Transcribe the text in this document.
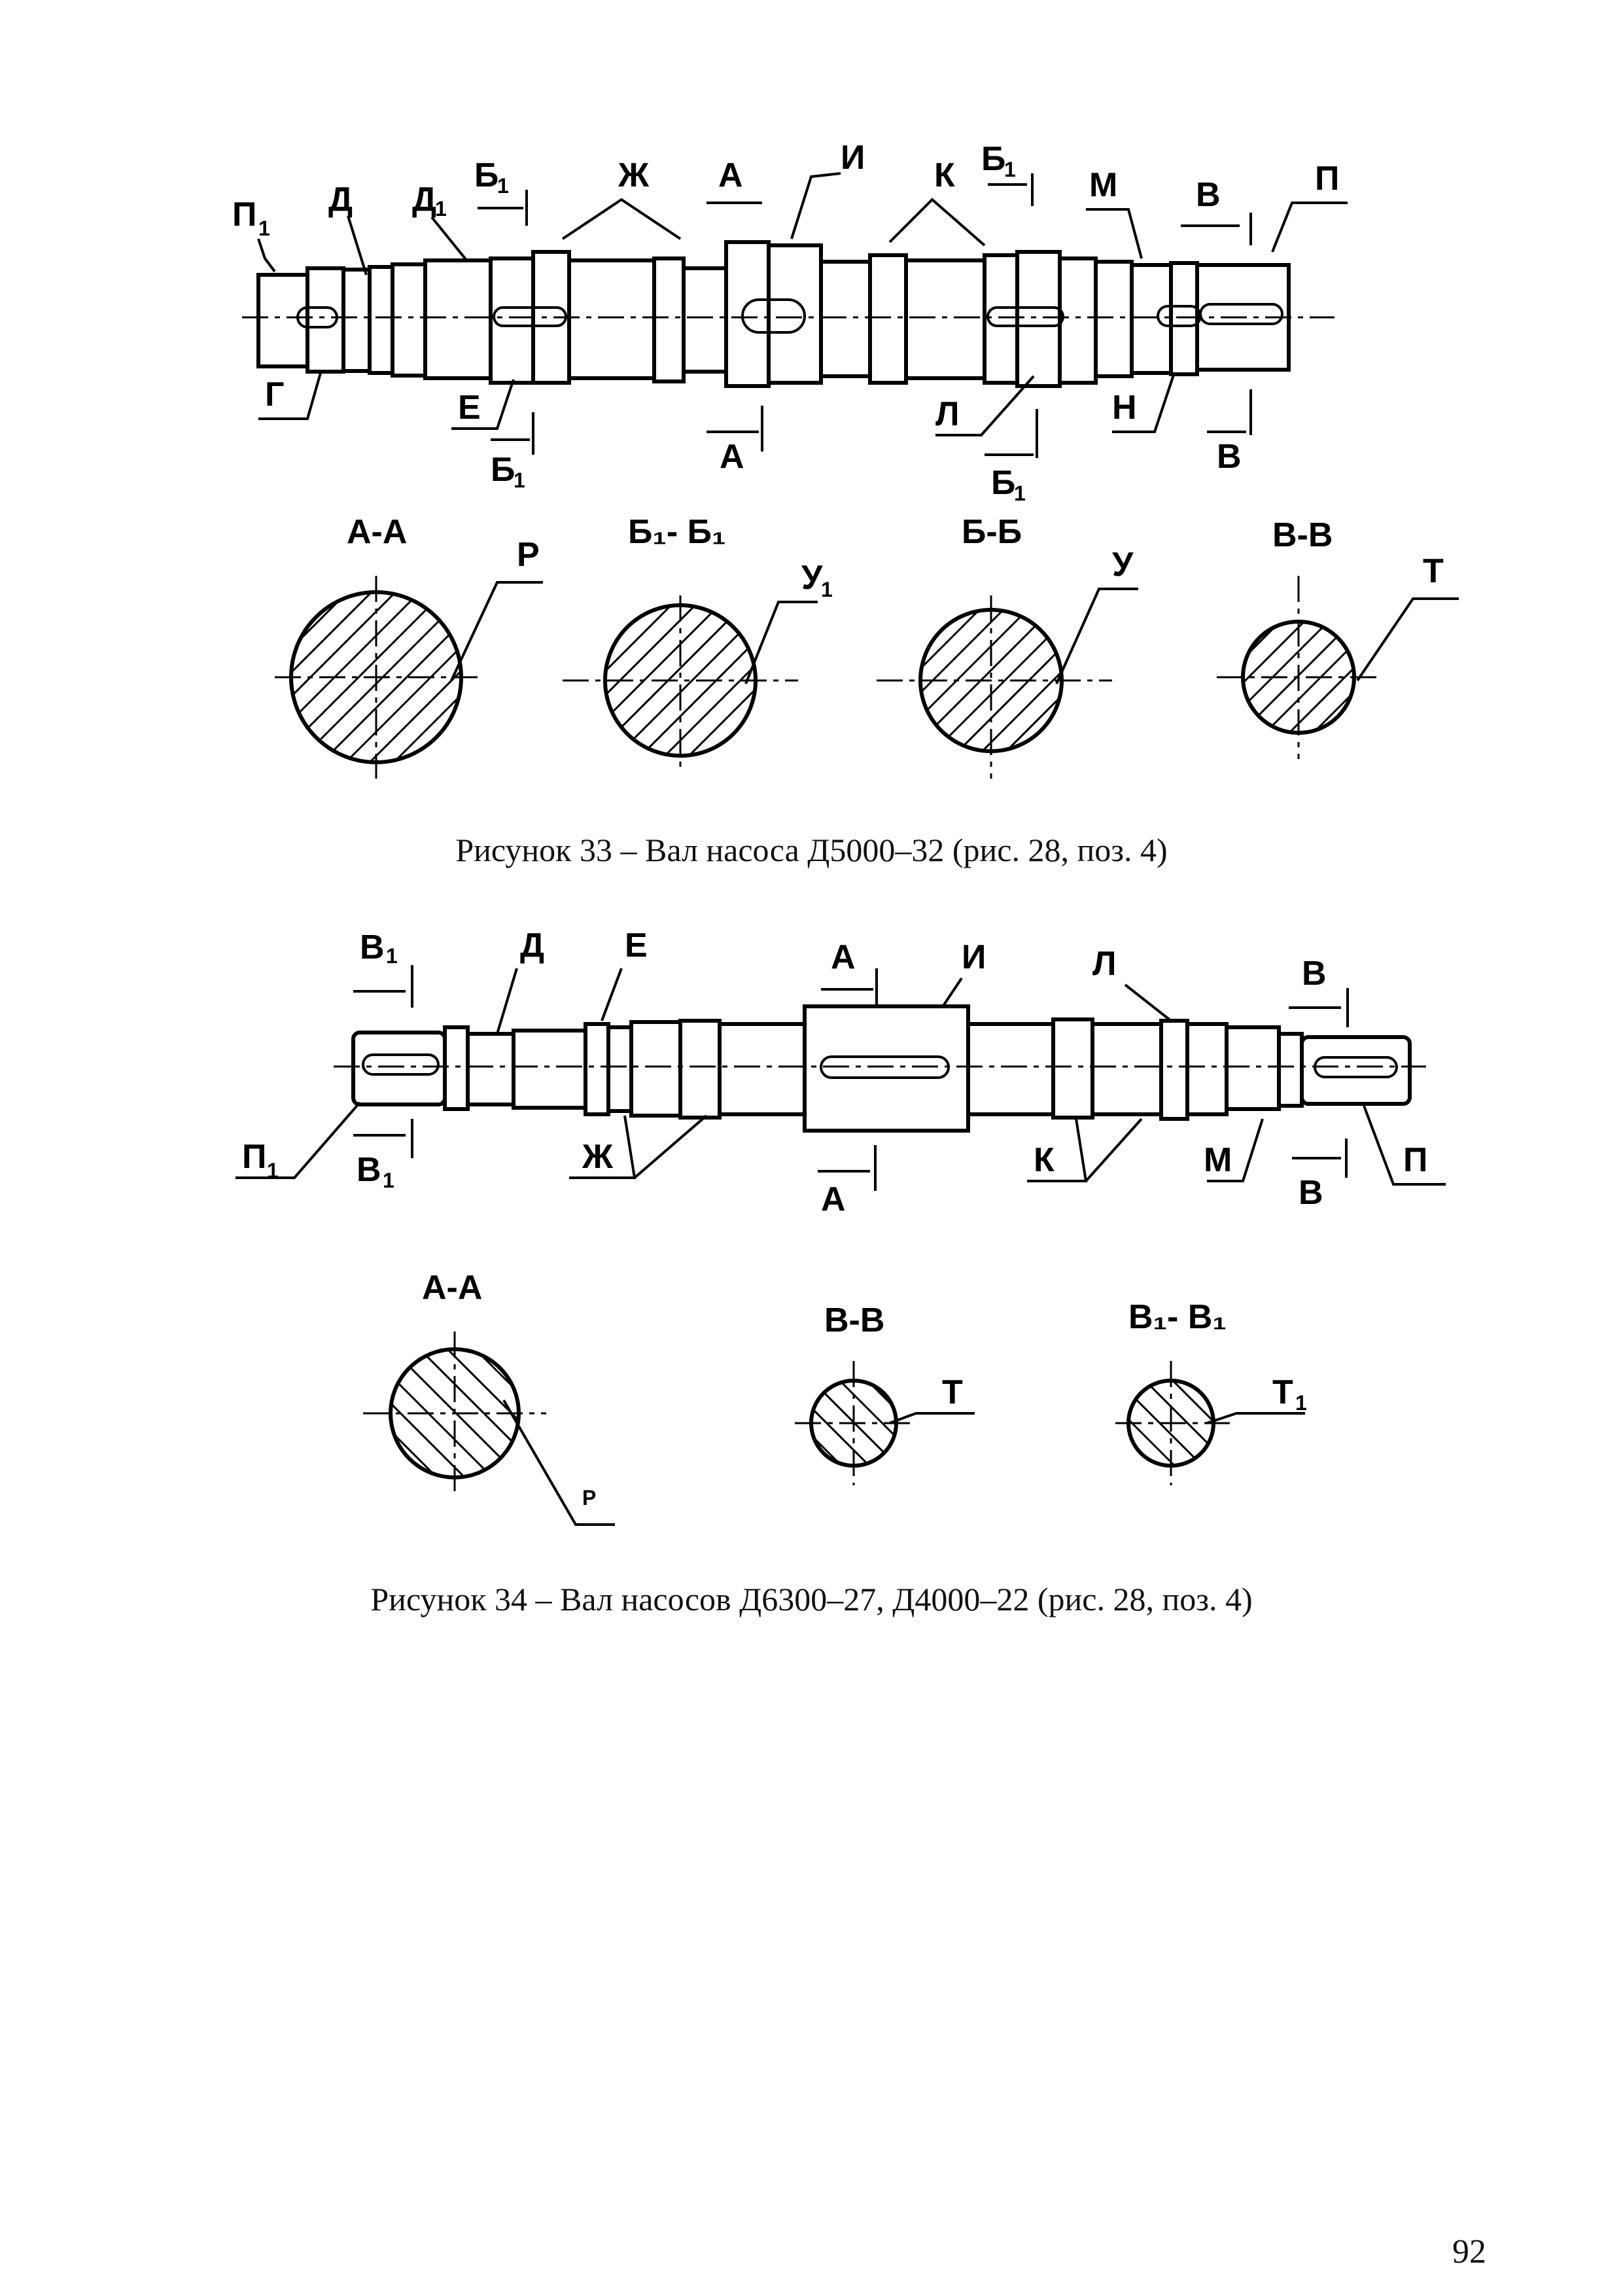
П 1
Д Д
1
Б
1	Ж А	И К Б
1 М В	П
Г	Е
Б
1
А
Л
Б
1
Н
В
А-А
Р
Б₁- Б₁
У
1
Б-Б
У
В-В
Т
Рисунок 33 – Вал насоса Д5000–32 (рис. 28, поз. 4)
В 1	Д Е	А	И	Л	В
П 1 В 1
Ж
А
К	М
В
П
А-А
Р
В-В
Т
В₁- В₁
Т 1
Рисунок 34 – Вал насосов Д6300–27, Д4000–22 (рис. 28, поз. 4)
92
